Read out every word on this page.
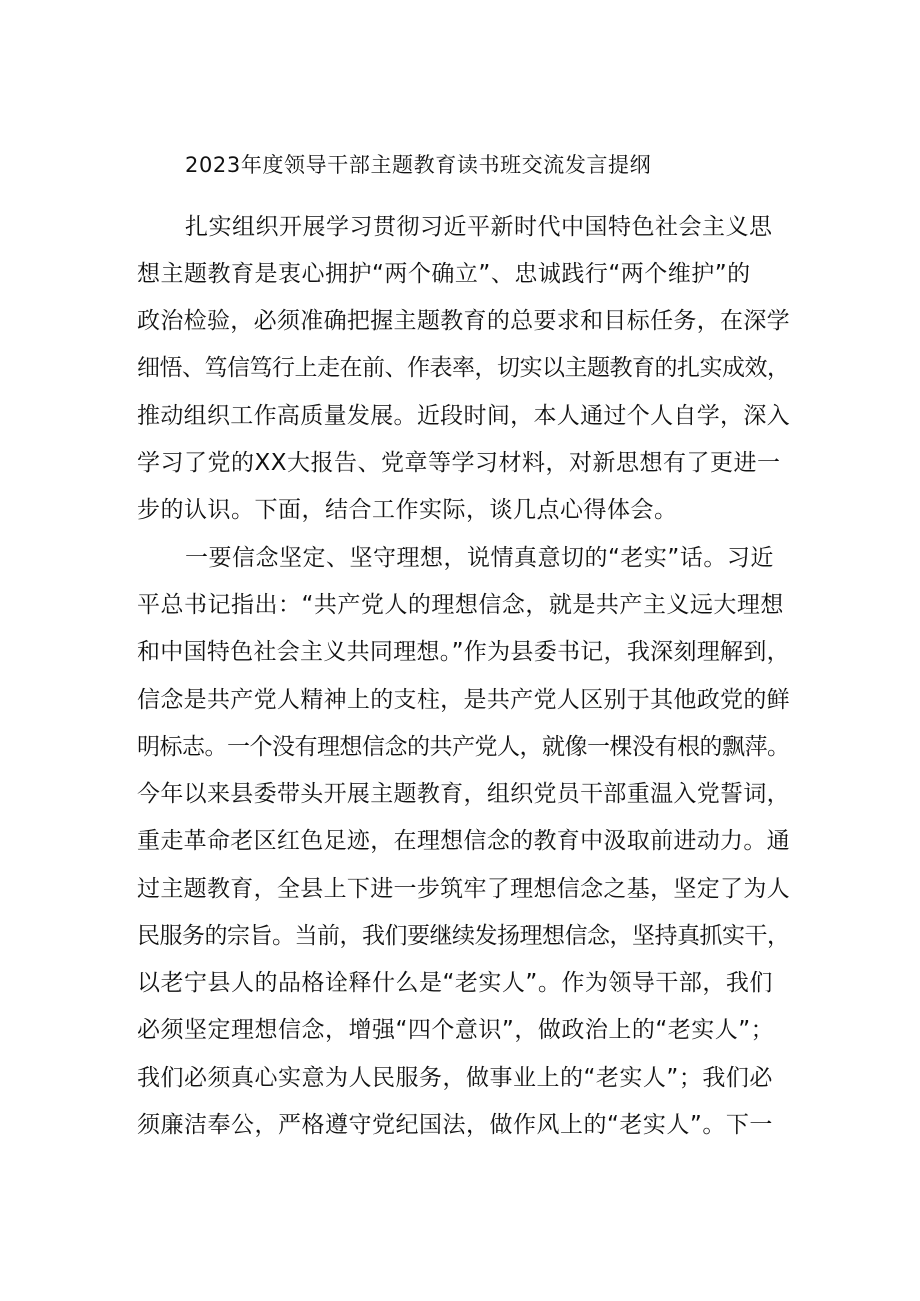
2023年度领导干部主题教育读书班交流发言提纲
扎实组织开展学习贯彻习近平新时代中国特色社会主义思
想主题教育是衷心拥护“两个确立”、忠诚践行“两个维护”的
政治检验，必须准确把握主题教育的总要求和目标任务，在深学
细悟、笃信笃行上走在前、作表率，切实以主题教育的扎实成效，
推动组织工作高质量发展。近段时间，本人通过个人自学，深入
学习了党的XX大报告、党章等学习材料，对新思想有了更进一
步的认识。下面，结合工作实际，谈几点心得体会。
一要信念坚定、坚守理想，说情真意切的“老实”话。习近
平总书记指出：“共产党人的理想信念，就是共产主义远大理想
和中国特色社会主义共同理想。”作为县委书记，我深刻理解到，
信念是共产党人精神上的支柱，是共产党人区别于其他政党的鲜
明标志。一个没有理想信念的共产党人，就像一棵没有根的飘萍。
今年以来县委带头开展主题教育，组织党员干部重温入党誓词，
重走革命老区红色足迹，在理想信念的教育中汲取前进动力。通
过主题教育，全县上下进一步筑牢了理想信念之基，坚定了为人
民服务的宗旨。当前，我们要继续发扬理想信念，坚持真抓实干，
以老宁县人的品格诠释什么是“老实人”。作为领导干部，我们
必须坚定理想信念，增强“四个意识”，做政治上的“老实人”；
我们必须真心实意为人民服务，做事业上的“老实人”；我们必
须廉洁奉公，严格遵守党纪国法，做作风上的“老实人”。下一
